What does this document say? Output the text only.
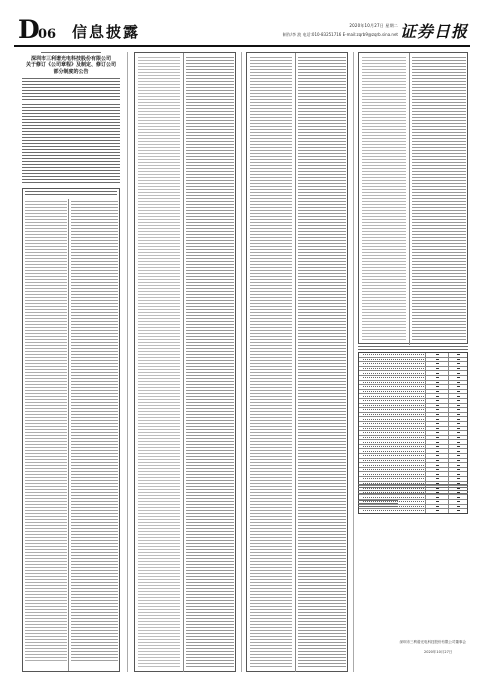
D
06 信息披露	2020年10月27日 星期二
制作/李 波 电话:010-83251716 E-mail:zqrb9@zqrb.sina.net 证券日报
深圳市三利谱光电科技股份有限公司
关于修订《公司章程》及制定、修订公司
部分制度的公告
深圳市三利谱光电科技股份有限公司董事会
2020年10月27日
